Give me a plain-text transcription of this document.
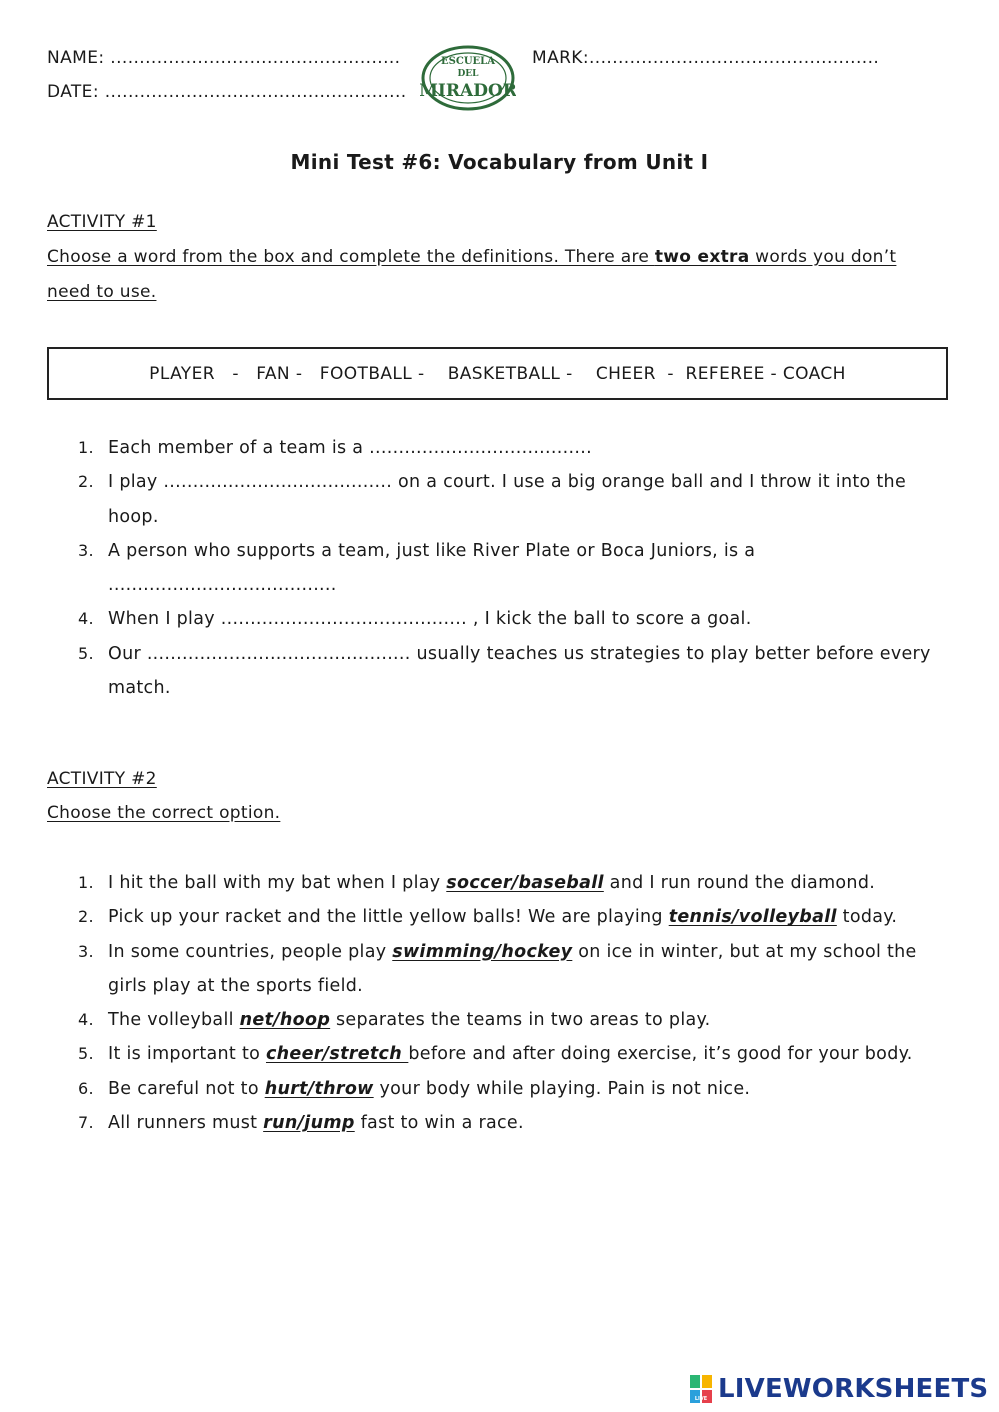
NAME: ..................................................
DATE: ....................................................
MARK:..................................................
ESCUELA
DEL
MIRADOR
Mini Test #6: Vocabulary from Unit I
ACTIVITY #1
Choose a word from the box and complete the definitions. There are two extra words you don’t need to use.
PLAYER   -   FAN -   FOOTBALL -    BASKETBALL -    CHEER  -  REFEREE - COACH
1. Each member of a team is a ......................................
2. I play ....................................... on a court. I use a big orange ball and I throw it into the hoop.
3. A person who supports a team, just like River Plate or Boca Juniors, is a .......................................
4. When I play .......................................... , I kick the ball to score a goal.
5. Our ............................................. usually teaches us strategies to play better before every match.
ACTIVITY #2
Choose the correct option.
1. I hit the ball with my bat when I play soccer/baseball and I run round the diamond.
2. Pick up your racket and the little yellow balls! We are playing tennis/volleyball today.
3. In some countries, people play swimming/hockey on ice in winter, but at my school the girls play at the sports field.
4. The volleyball net/hoop separates the teams in two areas to play.
5. It is important to cheer/stretch before and after doing exercise, it’s good for your body.
6. Be careful not to hurt/throw your body while playing. Pain is not nice.
7. All runners must run/jump fast to win a race.
LIVE LIVEWORKSHEETS
